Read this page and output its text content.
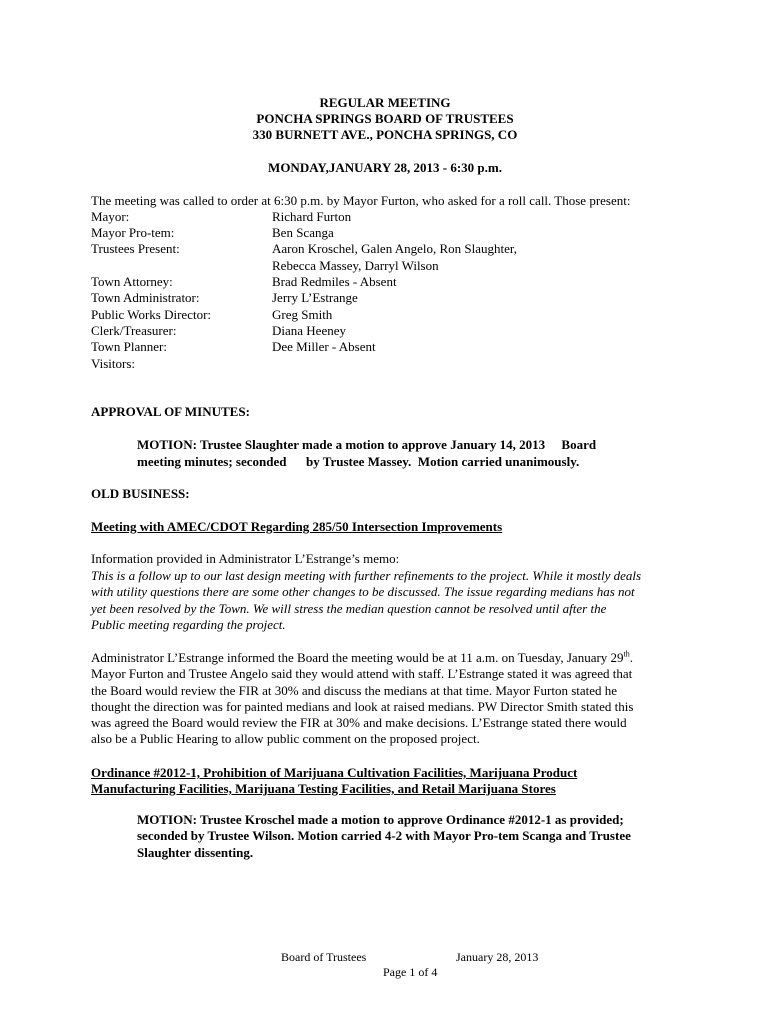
REGULAR MEETING
PONCHA SPRINGS BOARD OF TRUSTEES
330 BURNETT AVE., PONCHA SPRINGS, CO
MONDAY,JANUARY 28, 2013 - 6:30 p.m.
The meeting was called to order at 6:30 p.m. by Mayor Furton, who asked for a roll call. Those present:
Mayor:	Richard Furton
Mayor Pro-tem:	Ben Scanga
Trustees Present:	Aaron Kroschel, Galen Angelo, Ron Slaughter,
Rebecca Massey, Darryl Wilson
Town Attorney:	Brad Redmiles - Absent
Town Administrator:	Jerry L’Estrange
Public Works Director:	Greg Smith
Clerk/Treasurer:	Diana Heeney
Town Planner:	Dee Miller - Absent
Visitors:
APPROVAL OF MINUTES:
MOTION: Trustee Slaughter made a motion to approve January 14, 2013     Board
meeting minutes; seconded      by Trustee Massey.  Motion carried unanimously.
OLD BUSINESS:
Meeting with AMEC/CDOT Regarding 285/50 Intersection Improvements
Information provided in Administrator L’Estrange’s memo:
This is a follow up to our last design meeting with further refinements to the project. While it mostly deals
with utility questions there are some other changes to be discussed. The issue regarding medians has not
yet been resolved by the Town. We will stress the median question cannot be resolved until after the
Public meeting regarding the project.
Administrator L’Estrange informed the Board the meeting would be at 11 a.m. on Tuesday, January 29th.
Mayor Furton and Trustee Angelo said they would attend with staff. L’Estrange stated it was agreed that
the Board would review the FIR at 30% and discuss the medians at that time. Mayor Furton stated he
thought the direction was for painted medians and look at raised medians. PW Director Smith stated this
was agreed the Board would review the FIR at 30% and make decisions. L’Estrange stated there would
also be a Public Hearing to allow public comment on the proposed project.
Ordinance #2012-1, Prohibition of Marijuana Cultivation Facilities, Marijuana Product
Manufacturing Facilities, Marijuana Testing Facilities, and Retail Marijuana Stores
MOTION: Trustee Kroschel made a motion to approve Ordinance #2012-1 as provided;
seconded by Trustee Wilson. Motion carried 4-2 with Mayor Pro-tem Scanga and Trustee
Slaughter dissenting.
Board of Trustees	January 28, 2013
Page 1 of 4
